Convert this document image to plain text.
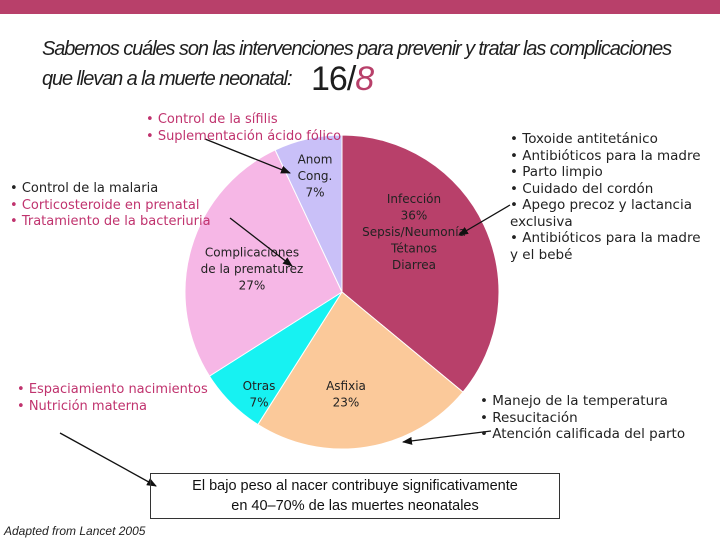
Sabemos cuáles son las intervenciones para prevenir y tratar las complicaciones
que llevan a la muerte neonatal: 16/8
Infección 36% Sepsis/Neumonía Tétanos Diarrea
Asfixia 23%
Otras 7%
Complicaciones de la prematurez 27%
Anom Cong. 7%
• Control de la sífilis
• Suplementación ácido fólico
• Control de la malaria
• Corticosteroide en prenatal
• Tratamiento de la bacteriuria
• Espaciamiento nacimientos
• Nutrición materna
• Toxoide antitetánico
• Antibióticos para la madre
• Parto limpio
• Cuidado del cordón
• Apego precoz y lactancia exclusiva
• Antibióticos para la madre y el bebé
• Manejo de la temperatura
• Resucitación
• Atención calificada del parto
El bajo peso al nacer contribuye significativamente
en 40–70% de las muertes neonatales
Adapted from Lancet 2005
